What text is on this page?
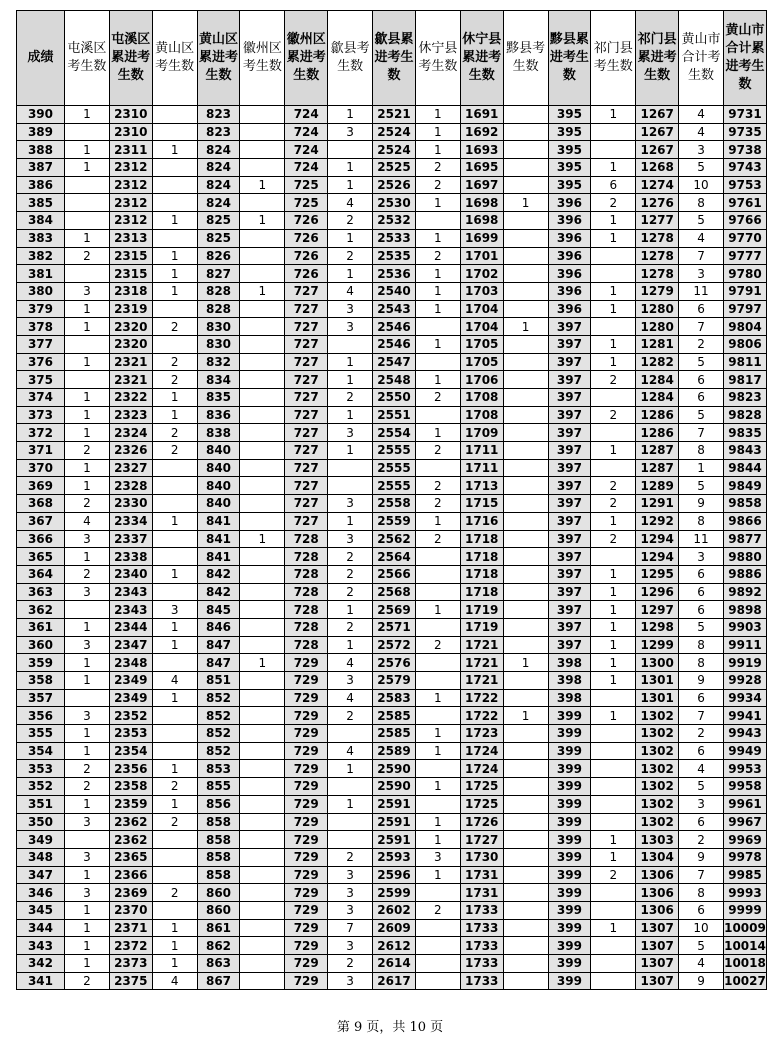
成绩	屯溪区考生数	屯溪区累进考生数	黄山区考生数	黄山区累进考生数	徽州区考生数	徽州区累进考生数	歙县考生数	歙县累进考生数	休宁县考生数	休宁县累进考生数	黟县考生数	黟县累进考生数	祁门县考生数	祁门县累进考生数	黄山市合计考生数	黄山市合计累进考生数
390	1	2310		823		724	1	2521	1	1691		395	1	1267	4	9731
389		2310		823		724	3	2524	1	1692		395		1267	4	9735
388	1	2311	1	824		724		2524	1	1693		395		1267	3	9738
387	1	2312		824		724	1	2525	2	1695		395	1	1268	5	9743
386		2312		824	1	725	1	2526	2	1697		395	6	1274	10	9753
385		2312		824		725	4	2530	1	1698	1	396	2	1276	8	9761
384		2312	1	825	1	726	2	2532		1698		396	1	1277	5	9766
383	1	2313		825		726	1	2533	1	1699		396	1	1278	4	9770
382	2	2315	1	826		726	2	2535	2	1701		396		1278	7	9777
381		2315	1	827		726	1	2536	1	1702		396		1278	3	9780
380	3	2318	1	828	1	727	4	2540	1	1703		396	1	1279	11	9791
379	1	2319		828		727	3	2543	1	1704		396	1	1280	6	9797
378	1	2320	2	830		727	3	2546		1704	1	397		1280	7	9804
377		2320		830		727		2546	1	1705		397	1	1281	2	9806
376	1	2321	2	832		727	1	2547		1705		397	1	1282	5	9811
375		2321	2	834		727	1	2548	1	1706		397	2	1284	6	9817
374	1	2322	1	835		727	2	2550	2	1708		397		1284	6	9823
373	1	2323	1	836		727	1	2551		1708		397	2	1286	5	9828
372	1	2324	2	838		727	3	2554	1	1709		397		1286	7	9835
371	2	2326	2	840		727	1	2555	2	1711		397	1	1287	8	9843
370	1	2327		840		727		2555		1711		397		1287	1	9844
369	1	2328		840		727		2555	2	1713		397	2	1289	5	9849
368	2	2330		840		727	3	2558	2	1715		397	2	1291	9	9858
367	4	2334	1	841		727	1	2559	1	1716		397	1	1292	8	9866
366	3	2337		841	1	728	3	2562	2	1718		397	2	1294	11	9877
365	1	2338		841		728	2	2564		1718		397		1294	3	9880
364	2	2340	1	842		728	2	2566		1718		397	1	1295	6	9886
363	3	2343		842		728	2	2568		1718		397	1	1296	6	9892
362		2343	3	845		728	1	2569	1	1719		397	1	1297	6	9898
361	1	2344	1	846		728	2	2571		1719		397	1	1298	5	9903
360	3	2347	1	847		728	1	2572	2	1721		397	1	1299	8	9911
359	1	2348		847	1	729	4	2576		1721	1	398	1	1300	8	9919
358	1	2349	4	851		729	3	2579		1721		398	1	1301	9	9928
357		2349	1	852		729	4	2583	1	1722		398		1301	6	9934
356	3	2352		852		729	2	2585		1722	1	399	1	1302	7	9941
355	1	2353		852		729		2585	1	1723		399		1302	2	9943
354	1	2354		852		729	4	2589	1	1724		399		1302	6	9949
353	2	2356	1	853		729	1	2590		1724		399		1302	4	9953
352	2	2358	2	855		729		2590	1	1725		399		1302	5	9958
351	1	2359	1	856		729	1	2591		1725		399		1302	3	9961
350	3	2362	2	858		729		2591	1	1726		399		1302	6	9967
349		2362		858		729		2591	1	1727		399	1	1303	2	9969
348	3	2365		858		729	2	2593	3	1730		399	1	1304	9	9978
347	1	2366		858		729	3	2596	1	1731		399	2	1306	7	9985
346	3	2369	2	860		729	3	2599		1731		399		1306	8	9993
345	1	2370		860		729	3	2602	2	1733		399		1306	6	9999
344	1	2371	1	861		729	7	2609		1733		399	1	1307	10	10009
343	1	2372	1	862		729	3	2612		1733		399		1307	5	10014
342	1	2373	1	863		729	2	2614		1733		399		1307	4	10018
341	2	2375	4	867		729	3	2617		1733		399		1307	9	10027
第 9 页，共 10 页
